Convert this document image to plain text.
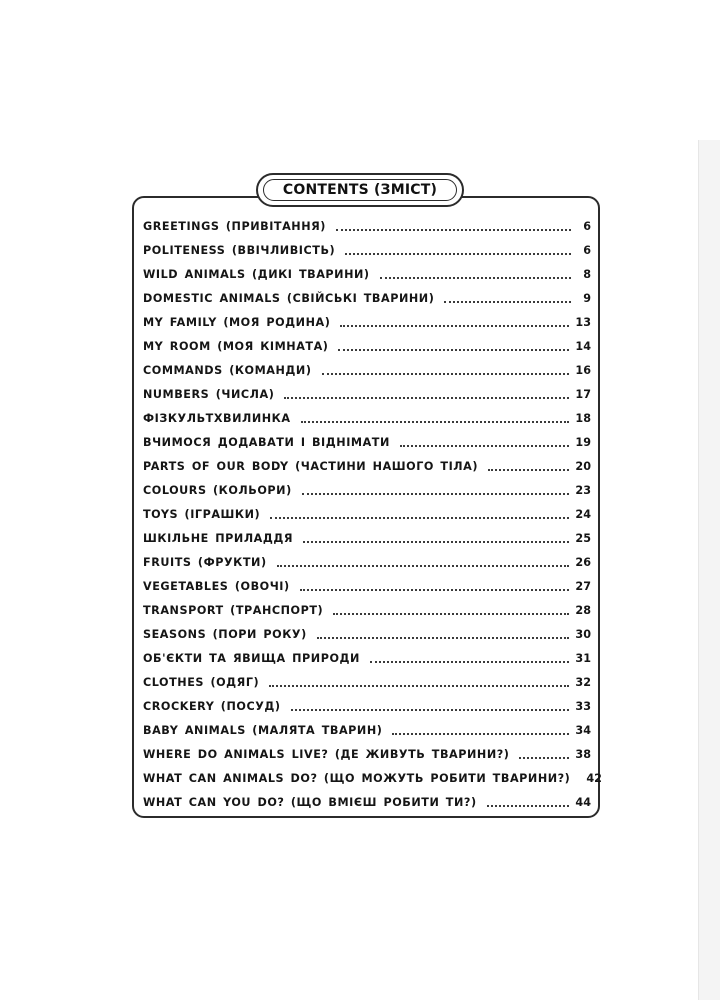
CONTENTS (ЗМІСТ)
GREETINGS (ПРИВІТАННЯ)	6
POLITENESS (ВВІЧЛИВІСТЬ)	6
WILD ANIMALS (ДИКІ ТВАРИНИ)	8
DOMESTIC ANIMALS (СВІЙСЬКІ ТВАРИНИ)	9
MY FAMILY (МОЯ РОДИНА)	13
MY ROOM (МОЯ КІМНАТА)	14
COMMANDS (КОМАНДИ)	16
NUMBERS (ЧИСЛА)	17
ФІЗКУЛЬТХВИЛИНКА	18
ВЧИМОСЯ ДОДАВАТИ І ВІДНІМАТИ	19
PARTS OF OUR BODY (ЧАСТИНИ НАШОГО ТІЛА)	20
COLOURS (КОЛЬОРИ)	23
TOYS (ІГРАШКИ)	24
ШКІЛЬНЕ ПРИЛАДДЯ	25
FRUITS (ФРУКТИ)	26
VEGETABLES (ОВОЧІ)	27
TRANSPORT (ТРАНСПОРТ)	28
SEASONS (ПОРИ РОКУ)	30
ОБ'ЄКТИ ТА ЯВИЩА ПРИРОДИ	31
CLOTHES (ОДЯГ)	32
CROCKERY (ПОСУД)	33
BABY ANIMALS (МАЛЯТА ТВАРИН)	34
WHERE DO ANIMALS LIVE? (ДЕ ЖИВУТЬ ТВАРИНИ?)	38
WHAT CAN ANIMALS DO? (ЩО МОЖУТЬ РОБИТИ ТВАРИНИ?) 42
WHAT CAN YOU DO? (ЩО ВМІЄШ РОБИТИ ТИ?)	44
